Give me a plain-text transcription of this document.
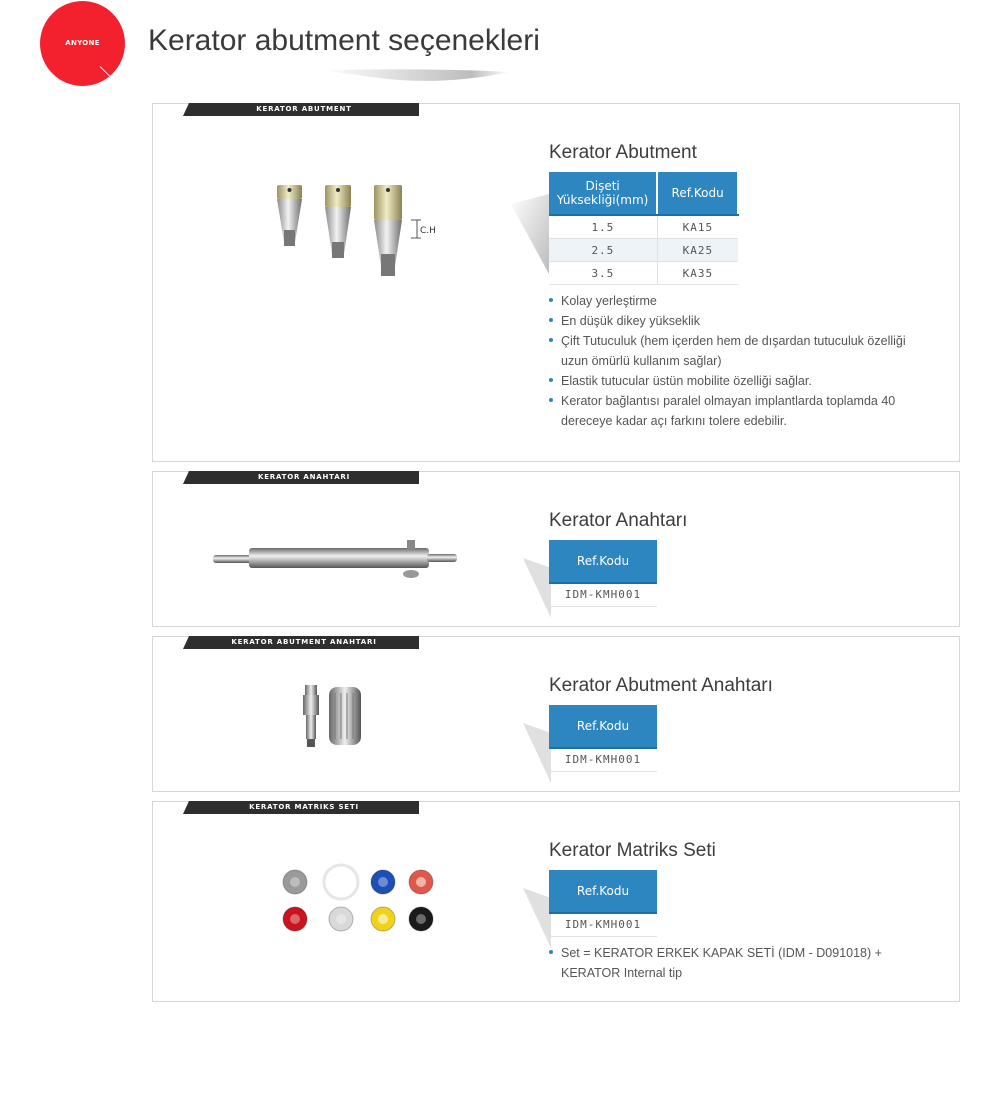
ANYONE	Kerator abutment seçenekleri
KERATOR ABUTMENT
C.H
Kerator Abutment
Dişeti Yüksekliği(mm)	Ref.Kodu
1.5	KA15
2.5	KA25
3.5	KA35
Kolay yerleştirme
En düşük dikey yükseklik
Çift Tutuculuk (hem içerden hem de dışardan tutuculuk özelliği uzun ömürlü kullanım sağlar)
Elastik tutucular üstün mobilite özelliği sağlar.
Kerator bağlantısı paralel olmayan implantlarda toplamda 40 dereceye kadar açı farkını tolere edebilir.
KERATOR ANAHTARI
Kerator Anahtarı
Ref.Kodu
IDM-KMH001
KERATOR ABUTMENT ANAHTARI
Kerator Abutment Anahtarı
Ref.Kodu
IDM-KMH001
KERATOR MATRIKS SETI
Kerator Matriks Seti
Ref.Kodu
IDM-KMH001
Set = KERATOR ERKEK KAPAK SETİ (IDM - D091018) + KERATOR Internal tip
